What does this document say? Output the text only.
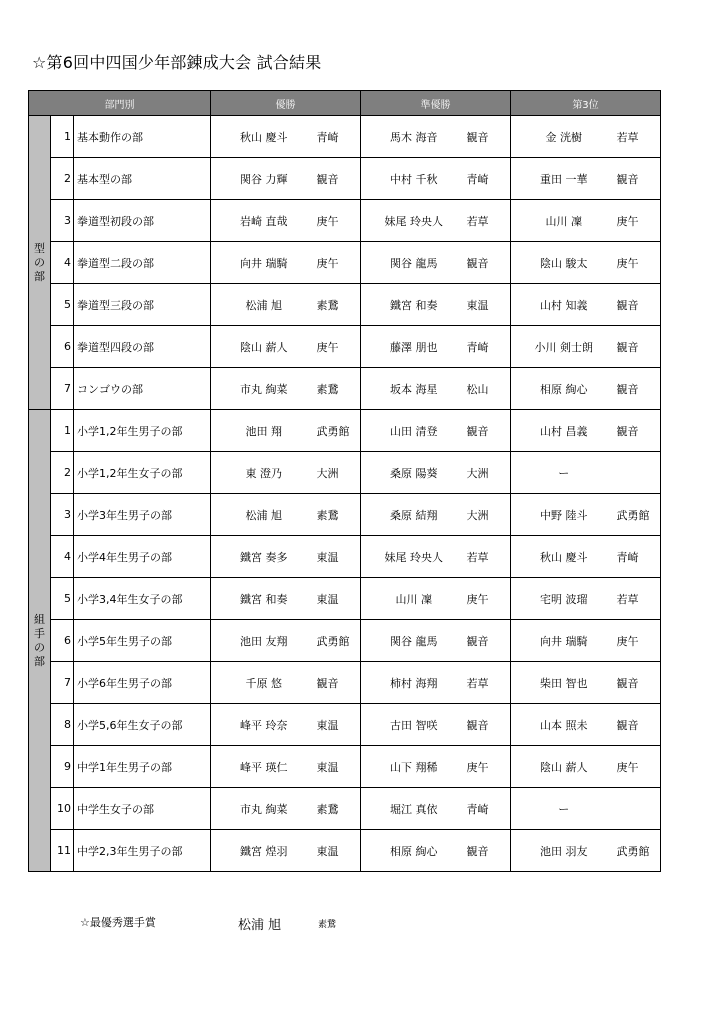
☆第6回中四国少年部錬成大会 試合結果
部門別			優勝		準優勝		第3位	
型
の
部	1	基本動作の部	秋山 慶斗	青崎	馬木 海音	観音	金 洸樹	若草
	2	基本型の部	関谷 力輝	観音	中村 千秋	青崎	重田 一華	観音
	3	拳道型初段の部	岩崎 直哉	庚午	妹尾 玲央人	若草	山川 凜	庚午
	4	拳道型二段の部	向井 瑞騎	庚午	関谷 龍馬	観音	陰山 駿太	庚午
	5	拳道型三段の部	松浦 旭	素鵞	鐵宮 和奏	東温	山村 知義	観音
	6	拳道型四段の部	陰山 薪人	庚午	藤澤 朋也	青崎	小川 剣士朗	観音
	7	コンゴウの部	市丸 絢菜	素鵞	坂本 海星	松山	相原 絢心	観音
組
手
の
部	1	小学1,2年生男子の部	池田 翔	武勇館	山田 清登	観音	山村 昌義	観音
	2	小学1,2年生女子の部	東 澄乃	大洲	桑原 陽葵	大洲	ー	
	3	小学3年生男子の部	松浦 旭	素鵞	桑原 結翔	大洲	中野 陸斗	武勇館
	4	小学4年生男子の部	鐵宮 奏多	東温	妹尾 玲央人	若草	秋山 慶斗	青崎
	5	小学3,4年生女子の部	鐵宮 和奏	東温	山川 凜	庚午	宅明 波瑠	若草
	6	小学5年生男子の部	池田 友翔	武勇館	関谷 龍馬	観音	向井 瑞騎	庚午
	7	小学6年生男子の部	千原 悠	観音	柿村 海翔	若草	柴田 智也	観音
	8	小学5,6年生女子の部	峰平 玲奈	東温	古田 智咲	観音	山本 照未	観音
	9	中学1年生男子の部	峰平 瑛仁	東温	山下 翔稀	庚午	陰山 薪人	庚午
	10	中学生女子の部	市丸 絢菜	素鵞	堀江 真依	青崎	ー	
	11	中学2,3年生男子の部	鐵宮 煌羽	東温	相原 絢心	観音	池田 羽友	武勇館
☆最優秀選手賞	松浦 旭	素鵞
